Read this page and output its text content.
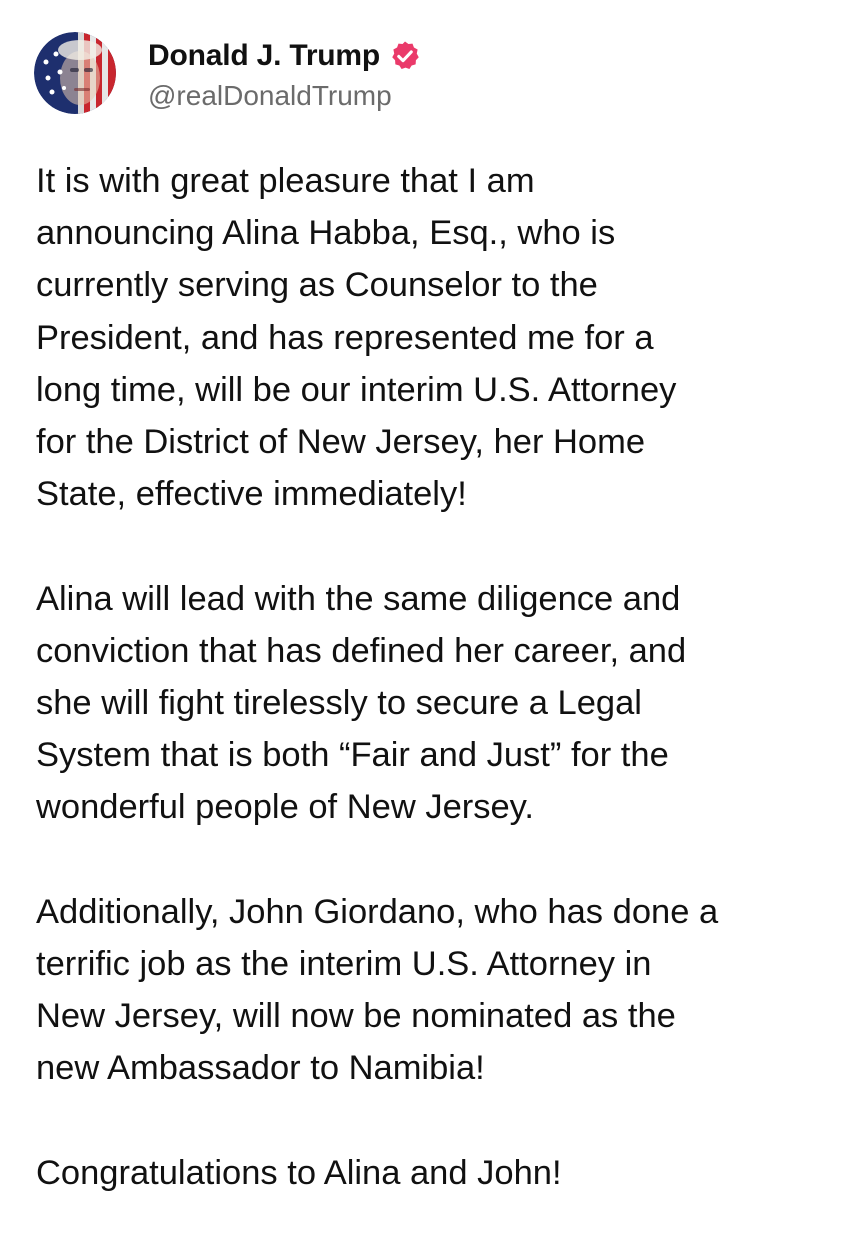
Donald J. Trump
@realDonaldTrump
It is with great pleasure that I am
announcing Alina Habba, Esq., who is
currently serving as Counselor to the
President, and has represented me for a
long time, will be our interim U.S. Attorney
for the District of New Jersey, her Home
State, effective immediately!
Alina will lead with the same diligence and
conviction that has defined her career, and
she will fight tirelessly to secure a Legal
System that is both “Fair and Just” for the
wonderful people of New Jersey.
Additionally, John Giordano, who has done a
terrific job as the interim U.S. Attorney in
New Jersey, will now be nominated as the
new Ambassador to Namibia!
Congratulations to Alina and John!
